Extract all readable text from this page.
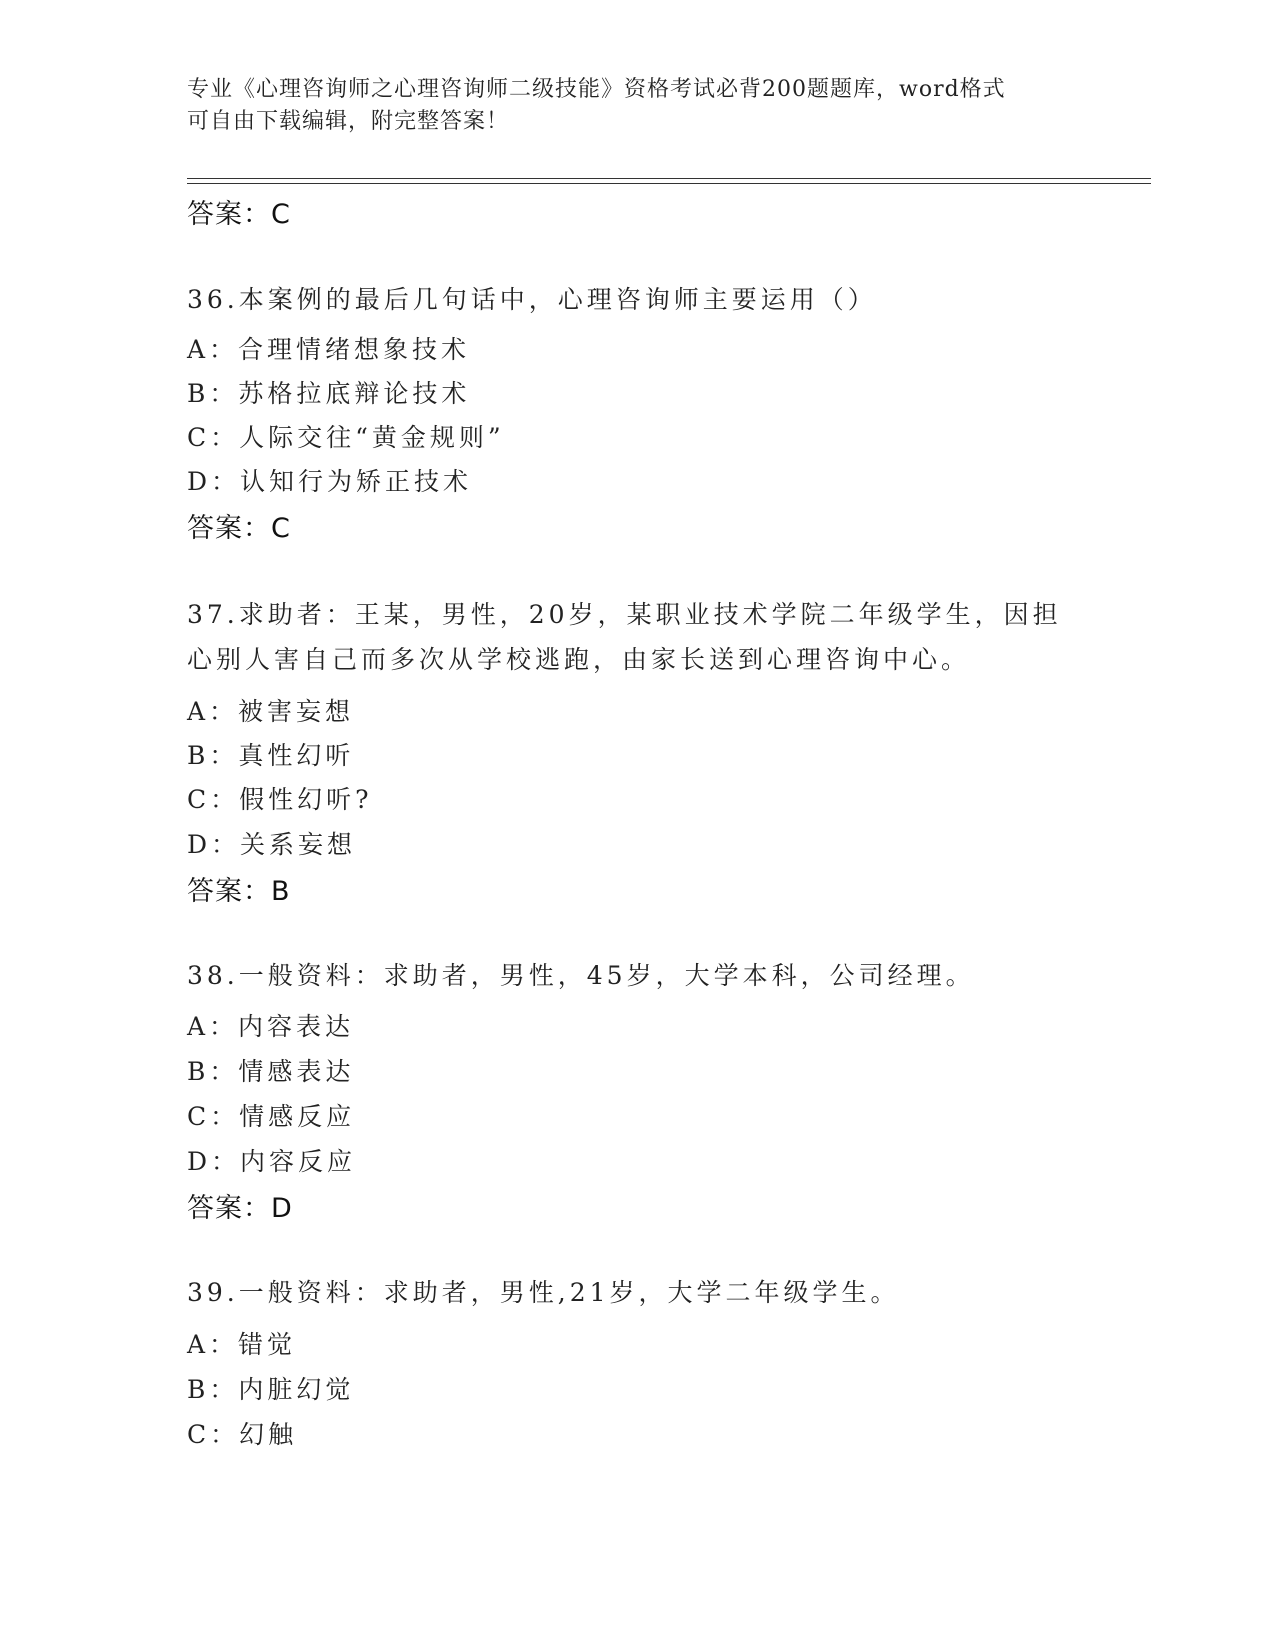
专业《心理咨询师之心理咨询师二级技能》资格考试必背200题题库，word格式
可自由下载编辑，附完整答案！
答案：C
36.本案例的最后几句话中，心理咨询师主要运用（）
A：合理情绪想象技术
B：苏格拉底辩论技术
C：人际交往“黄金规则”
D：认知行为矫正技术
答案：C
37.求助者：王某，男性，20岁，某职业技术学院二年级学生，因担心别人害自己而多次从学校逃跑，由家长送到心理咨询中心。
A：被害妄想
B：真性幻听
C：假性幻听?
D：关系妄想
答案：B
38.一般资料：求助者，男性，45岁，大学本科，公司经理。
A：内容表达
B：情感表达
C：情感反应
D：内容反应
答案：D
39.一般资料：求助者，男性,21岁，大学二年级学生。
A：错觉
B：内脏幻觉
C：幻触
